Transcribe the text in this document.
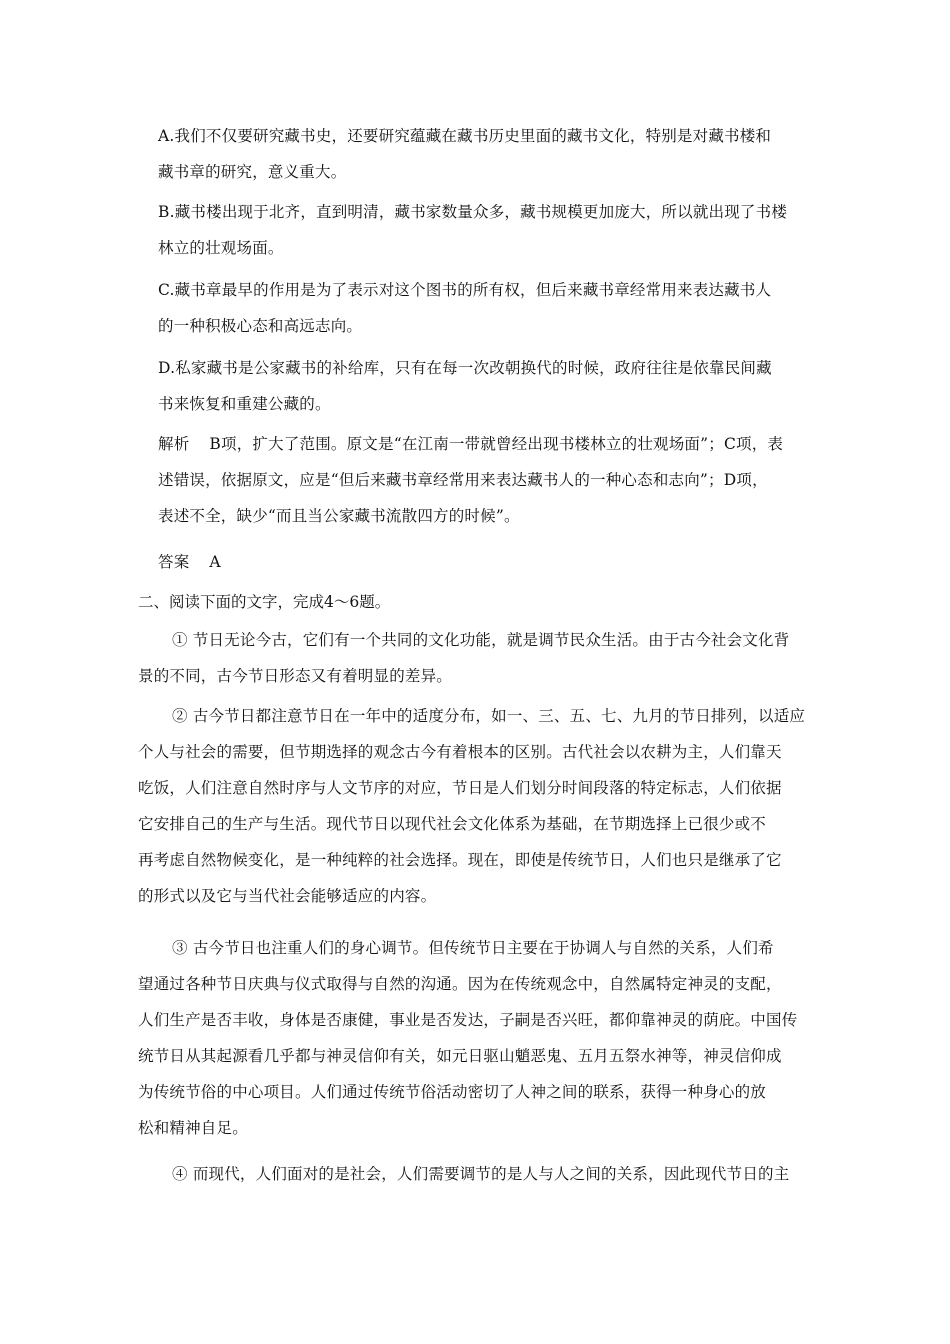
A.我们不仅要研究藏书史，还要研究蕴藏在藏书历史里面的藏书文化，特别是对藏书楼和
藏书章的研究，意义重大。
B.藏书楼出现于北齐，直到明清，藏书家数量众多，藏书规模更加庞大，所以就出现了书楼
林立的壮观场面。
C.藏书章最早的作用是为了表示对这个图书的所有权，但后来藏书章经常用来表达藏书人
的一种积极心态和高远志向。
D.私家藏书是公家藏书的补给库，只有在每一次改朝换代的时候，政府往往是依靠民间藏
书来恢复和重建公藏的。
解析 B项，扩大了范围。原文是“在江南一带就曾经出现书楼林立的壮观场面”；C项，表
述错误，依据原文，应是“但后来藏书章经常用来表达藏书人的一种心态和志向”；D项，
表述不全，缺少“而且当公家藏书流散四方的时候”。
答案 A
二、阅读下面的文字，完成4～6题。
① 节日无论今古，它们有一个共同的文化功能，就是调节民众生活。由于古今社会文化背
景的不同，古今节日形态又有着明显的差异。
② 古今节日都注意节日在一年中的适度分布，如一、三、五、七、九月的节日排列，以适应
个人与社会的需要，但节期选择的观念古今有着根本的区别。古代社会以农耕为主，人们靠天
吃饭，人们注意自然时序与人文节序的对应，节日是人们划分时间段落的特定标志，人们依据
它安排自己的生产与生活。现代节日以现代社会文化体系为基础，在节期选择上已很少或不
再考虑自然物候变化，是一种纯粹的社会选择。现在，即使是传统节日，人们也只是继承了它
的形式以及它与当代社会能够适应的内容。
③ 古今节日也注重人们的身心调节。但传统节日主要在于协调人与自然的关系，人们希
望通过各种节日庆典与仪式取得与自然的沟通。因为在传统观念中，自然属特定神灵的支配，
人们生产是否丰收，身体是否康健，事业是否发达，子嗣是否兴旺，都仰靠神灵的荫庇。中国传
统节日从其起源看几乎都与神灵信仰有关，如元日驱山魈恶鬼、五月五祭水神等，神灵信仰成
为传统节俗的中心项目。人们通过传统节俗活动密切了人神之间的联系，获得一种身心的放
松和精神自足。
④ 而现代，人们面对的是社会，人们需要调节的是人与人之间的关系，因此现代节日的主
